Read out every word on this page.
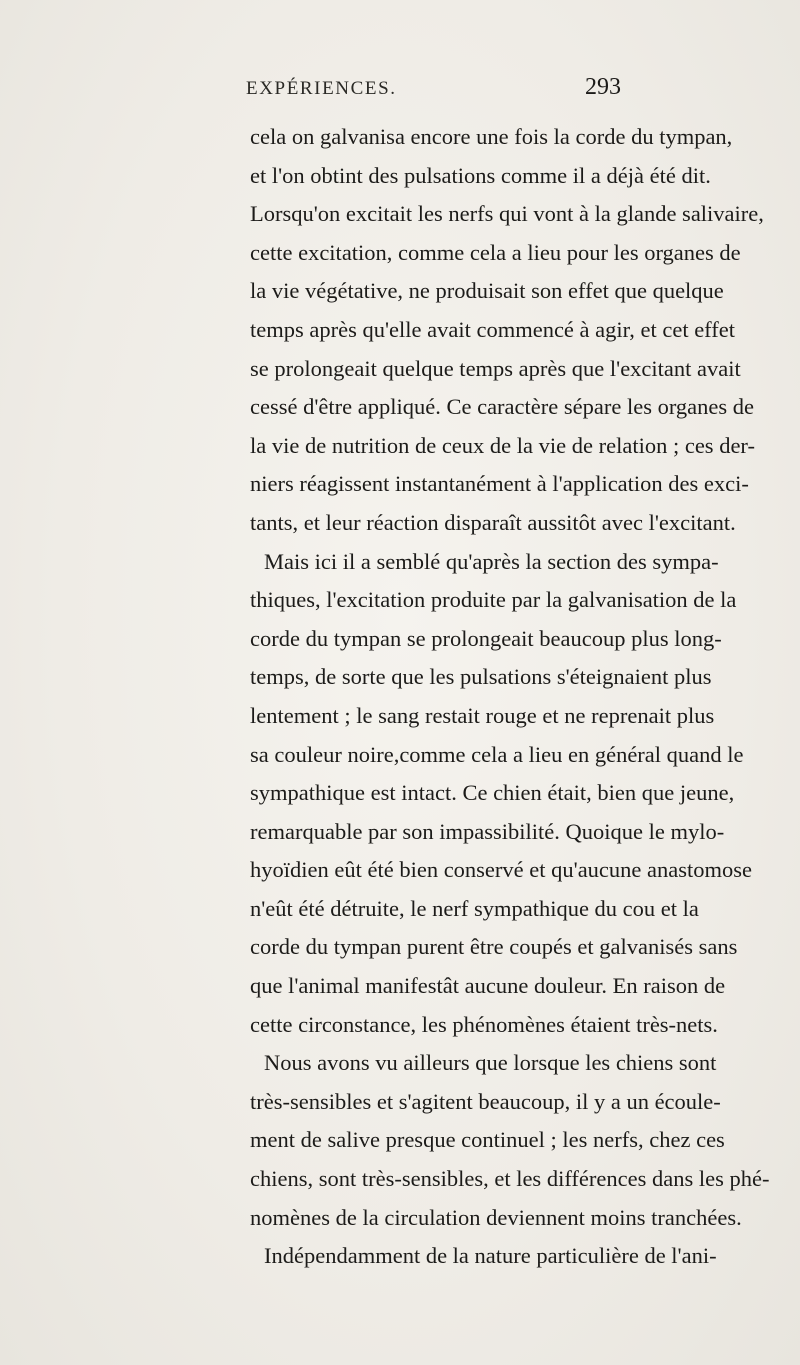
EXPÉRIENCES.	293
cela on galvanisa encore une fois la corde du tympan,
et l'on obtint des pulsations comme il a déjà été dit.
Lorsqu'on excitait les nerfs qui vont à la glande salivaire,
cette excitation, comme cela a lieu pour les organes de
la vie végétative, ne produisait son effet que quelque
temps après qu'elle avait commencé à agir, et cet effet
se prolongeait quelque temps après que l'excitant avait
cessé d'être appliqué. Ce caractère sépare les organes de
la vie de nutrition de ceux de la vie de relation ; ces der-
niers réagissent instantanément à l'application des exci-
tants, et leur réaction disparaît aussitôt avec l'excitant.
Mais ici il a semblé qu'après la section des sympa-
thiques, l'excitation produite par la galvanisation de la
corde du tympan se prolongeait beaucoup plus long-
temps, de sorte que les pulsations s'éteignaient plus
lentement ; le sang restait rouge et ne reprenait plus
sa couleur noire,comme cela a lieu en général quand le
sympathique est intact. Ce chien était, bien que jeune,
remarquable par son impassibilité. Quoique le mylo-
hyoïdien eût été bien conservé et qu'aucune anastomose
n'eût été détruite, le nerf sympathique du cou et la
corde du tympan purent être coupés et galvanisés sans
que l'animal manifestât aucune douleur. En raison de
cette circonstance, les phénomènes étaient très-nets.
Nous avons vu ailleurs que lorsque les chiens sont
très-sensibles et s'agitent beaucoup, il y a un écoule-
ment de salive presque continuel ; les nerfs, chez ces
chiens, sont très-sensibles, et les différences dans les phé-
nomènes de la circulation deviennent moins tranchées.
Indépendamment de la nature particulière de l'ani-
